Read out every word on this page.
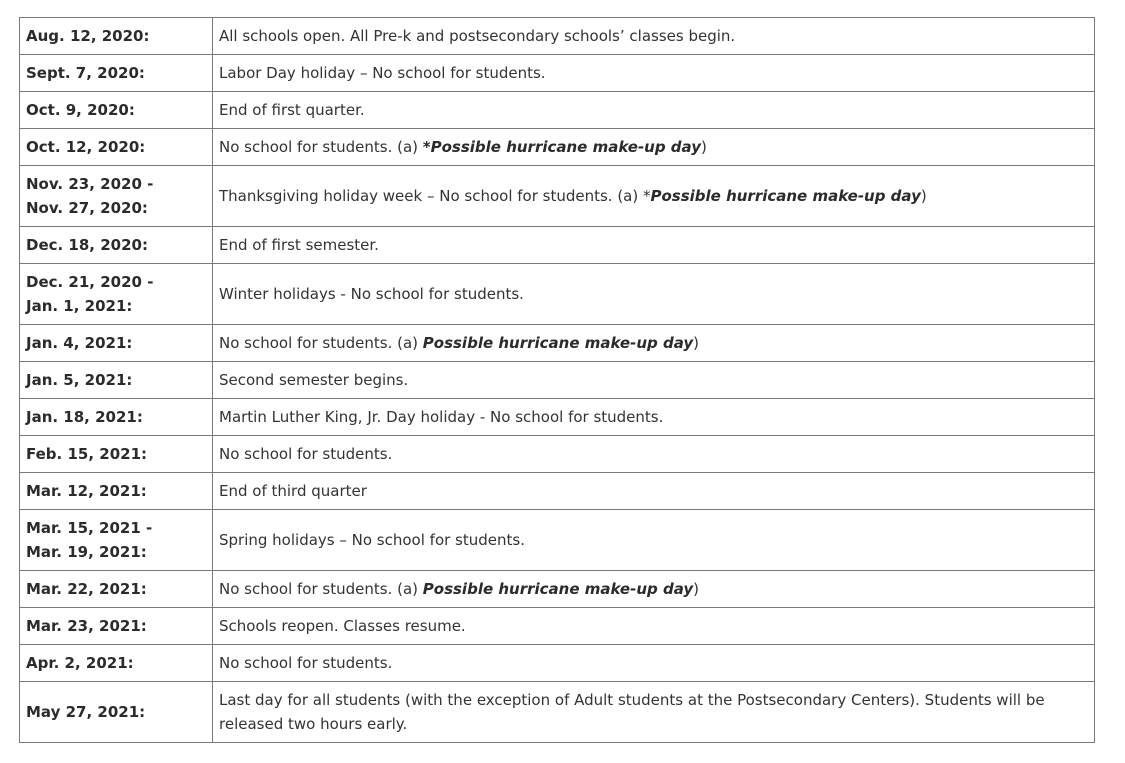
Aug. 12, 2020:	All schools open. All Pre-k and postsecondary schools’ classes begin.
Sept. 7, 2020:	Labor Day holiday – No school for students.
Oct. 9, 2020:	End of first quarter.
Oct. 12, 2020:	No school for students. (a) *Possible hurricane make-up day)
Nov. 23, 2020 -
Nov. 27, 2020:	Thanksgiving holiday week – No school for students. (a) *Possible hurricane make-up day)
Dec. 18, 2020:	End of first semester.
Dec. 21, 2020 -
Jan. 1, 2021:	Winter holidays - No school for students.
Jan. 4, 2021:	No school for students. (a) Possible hurricane make-up day)
Jan. 5, 2021:	Second semester begins.
Jan. 18, 2021:	Martin Luther King, Jr. Day holiday - No school for students.
Feb. 15, 2021:	No school for students.
Mar. 12, 2021:	End of third quarter
Mar. 15, 2021 -
Mar. 19, 2021:	Spring holidays – No school for students.
Mar. 22, 2021:	No school for students. (a) Possible hurricane make-up day)
Mar. 23, 2021:	Schools reopen. Classes resume.
Apr. 2, 2021:	No school for students.
May 27, 2021:	Last day for all students (with the exception of Adult students at the Postsecondary Centers). Students will be released two hours early.
